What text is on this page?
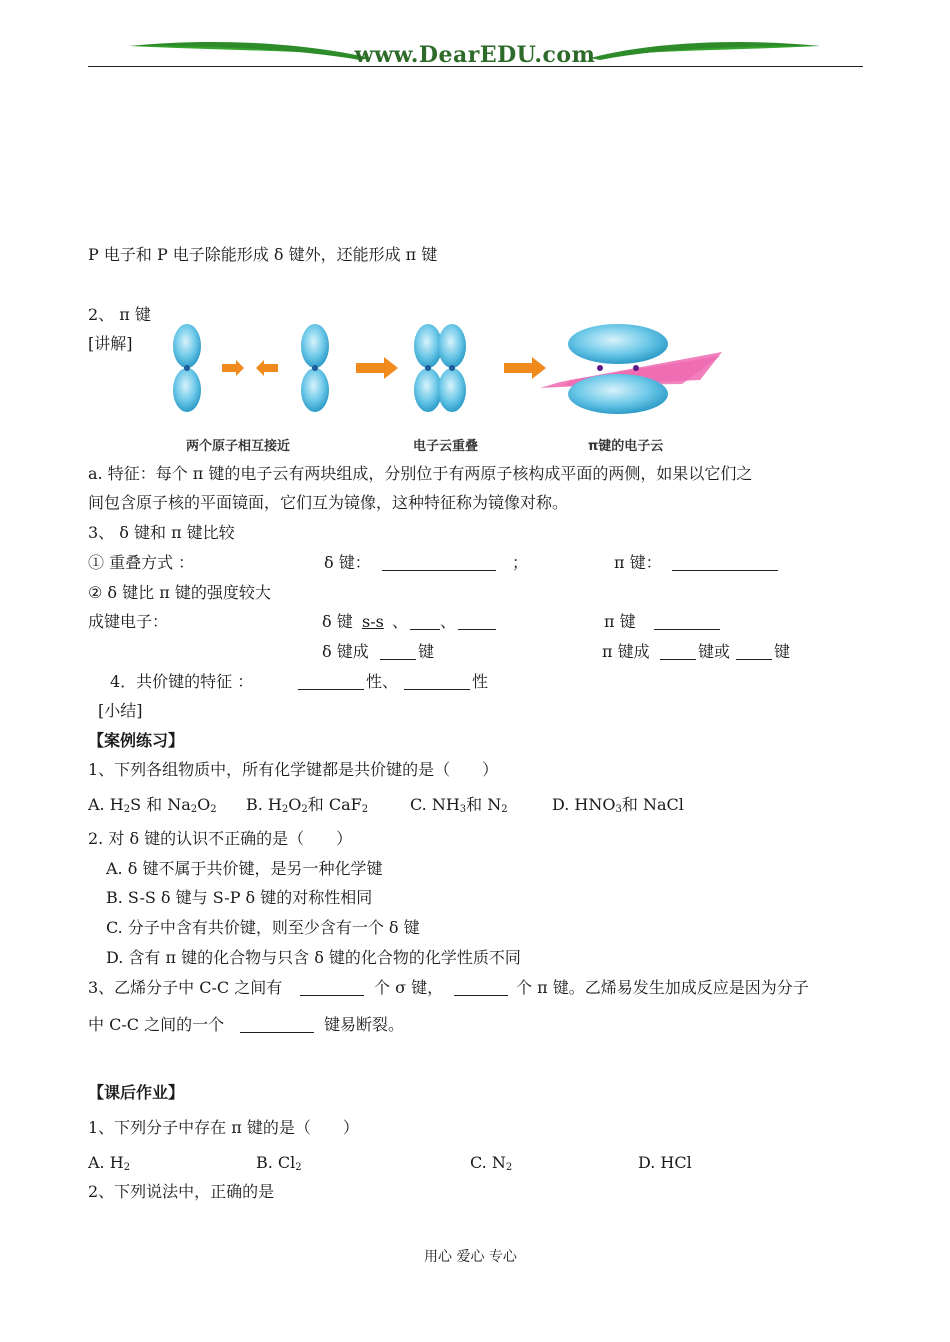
www.DearEDU.com
P 电子和 P 电子除能形成 δ 键外，还能形成 π 键
2、 π 键
[讲解]
两个原子相互接近	电子云重叠	π键的电子云
a. 特征：每个 π 键的电子云有两块组成，分别位于有两原子核构成平面的两侧，如果以它们之
间包含原子核的平面镜面，它们互为镜像，这种特征称为镜像对称。
3、 δ 键和 π 键比较
① 重叠方式 ：	δ 键：	；	π 键：
② δ 键比 π 键的强度较大
成键电子：	δ 键 s-s 、 、	π 键
δ 键成	键	π 键成	键或	键
4．共价键的特征 ：	性、	性
[小结]
【案例练习】
1、下列各组物质中，所有化学键都是共价键的是（　　）
A. $H_2S$ 和 $Na_2O_2$ B. $H_2O_2$和 CaF$_2$	C. $NH_3$和 $N_2$	D. $HNO_3$和 NaCl
2. 对 δ 键的认识不正确的是（　　）
A. δ 键不属于共价键，是另一种化学键
B. S-S δ 键与 S-P δ 键的对称性相同
C. 分子中含有共价键，则至少含有一个 δ 键
D. 含有 π 键的化合物与只含 δ 键的化合物的化学性质不同
3、乙烯分子中 C-C 之间有	个 σ 键，	个 π 键。乙烯易发生加成反应是因为分子
中 C-C 之间的一个	键易断裂。
【课后作业】
1、下列分子中存在 π 键的是（　　）
A. $H_2$	B. $Cl_2$	C. $N_2$	D. HCl
2、下列说法中，正确的是
用心 爱心 专心
